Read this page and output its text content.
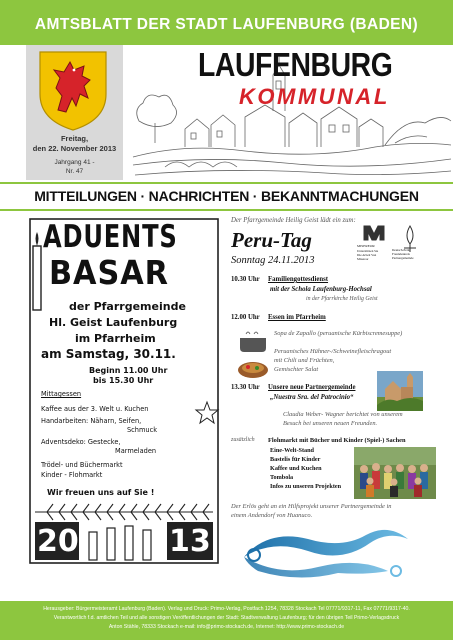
AMTSBLATT DER STADT LAUFENBURG (BADEN)
Freitag,
den 22. November 2013
Jahrgang 41 -
Nr. 47
LAUFENBURG
KOMMUNAL
MITTEILUNGEN · NACHRICHTEN · BEKANNTMACHUNGEN
ADUENTS
BASAR
der Pfarrgemeinde
Hl. Geist Laufenburg
im Pfarrheim
am Samstag, 30.11.
Beginn 11.00 Uhr
bis 15.30 Uhr
Mittagessen
Kaffee aus der 3. Welt u. Kuchen
Handarbeiten: Näharn, Seifen,
Schmuck
Adventsdeko: Gestecke,
Marmeladen
Trödel- und Büchermarkt
Kinder - Flohmarkt
Wir freuen uns auf Sie !
20	13
Der Pfarrgemeinde Heilig Geist lädt ein zum:
Peru-Tag
Sonntag 24.11.2013
MISEREOR
Unterstützen Sie Die Arbeit Von Misereor
Deutsch-Perú Freundeskreis Partnergemeinde
10.30 Uhr Familiengottesdienst
mit der Schola Laufenburg-Hochsal
in der Pfarrkirche Heilig Geist
12.00 Uhr Essen im Pfarrheim
Sopa de Zapallo (peruanische Kürbiscremesuppe)
Peruanisches Hühner-/Schweinefleischragout
mit Chili und Früchten,
Gemischter Salat
13.30 Uhr Unsere neue Partnergemeinde
„Nuestra Sra. del Patrocinio“
Claudia Weber- Wagner berichtet von unserem
Besuch bei unseren neuen Freunden.
zusätzlich Flohmarkt mit Bücher und Kinder (Spiel-) Sachen
Eine-Welt-Stand
Bastelis für Kinder
Kaffee und Kuchen
Tombola
Infos zu unseren Projekten
Der Erlös geht an ein Hilfsprojekt unserer Partnergemeinde in
einem Andendorf von Huanuco.
Herausgeber: Bürgermeisteramt Laufenburg (Baden). Verlag und Druck: Primo-Verlag, Postfach 1254, 78328 Stockach Tel 07771/9317-11, Fax 07771/9317-40.
Verantwortlich f.d. amtlichen Teil und alle sonstigen Veröffentlichungen der Stadt: Stadtverwaltung Laufenburg; für den übrigen Teil Primo-Verlagsdruck
Anton Stähle, 78333 Stockach e-mail: info@primo-stockach.de, Internet: http://www.primo-stockach.de
